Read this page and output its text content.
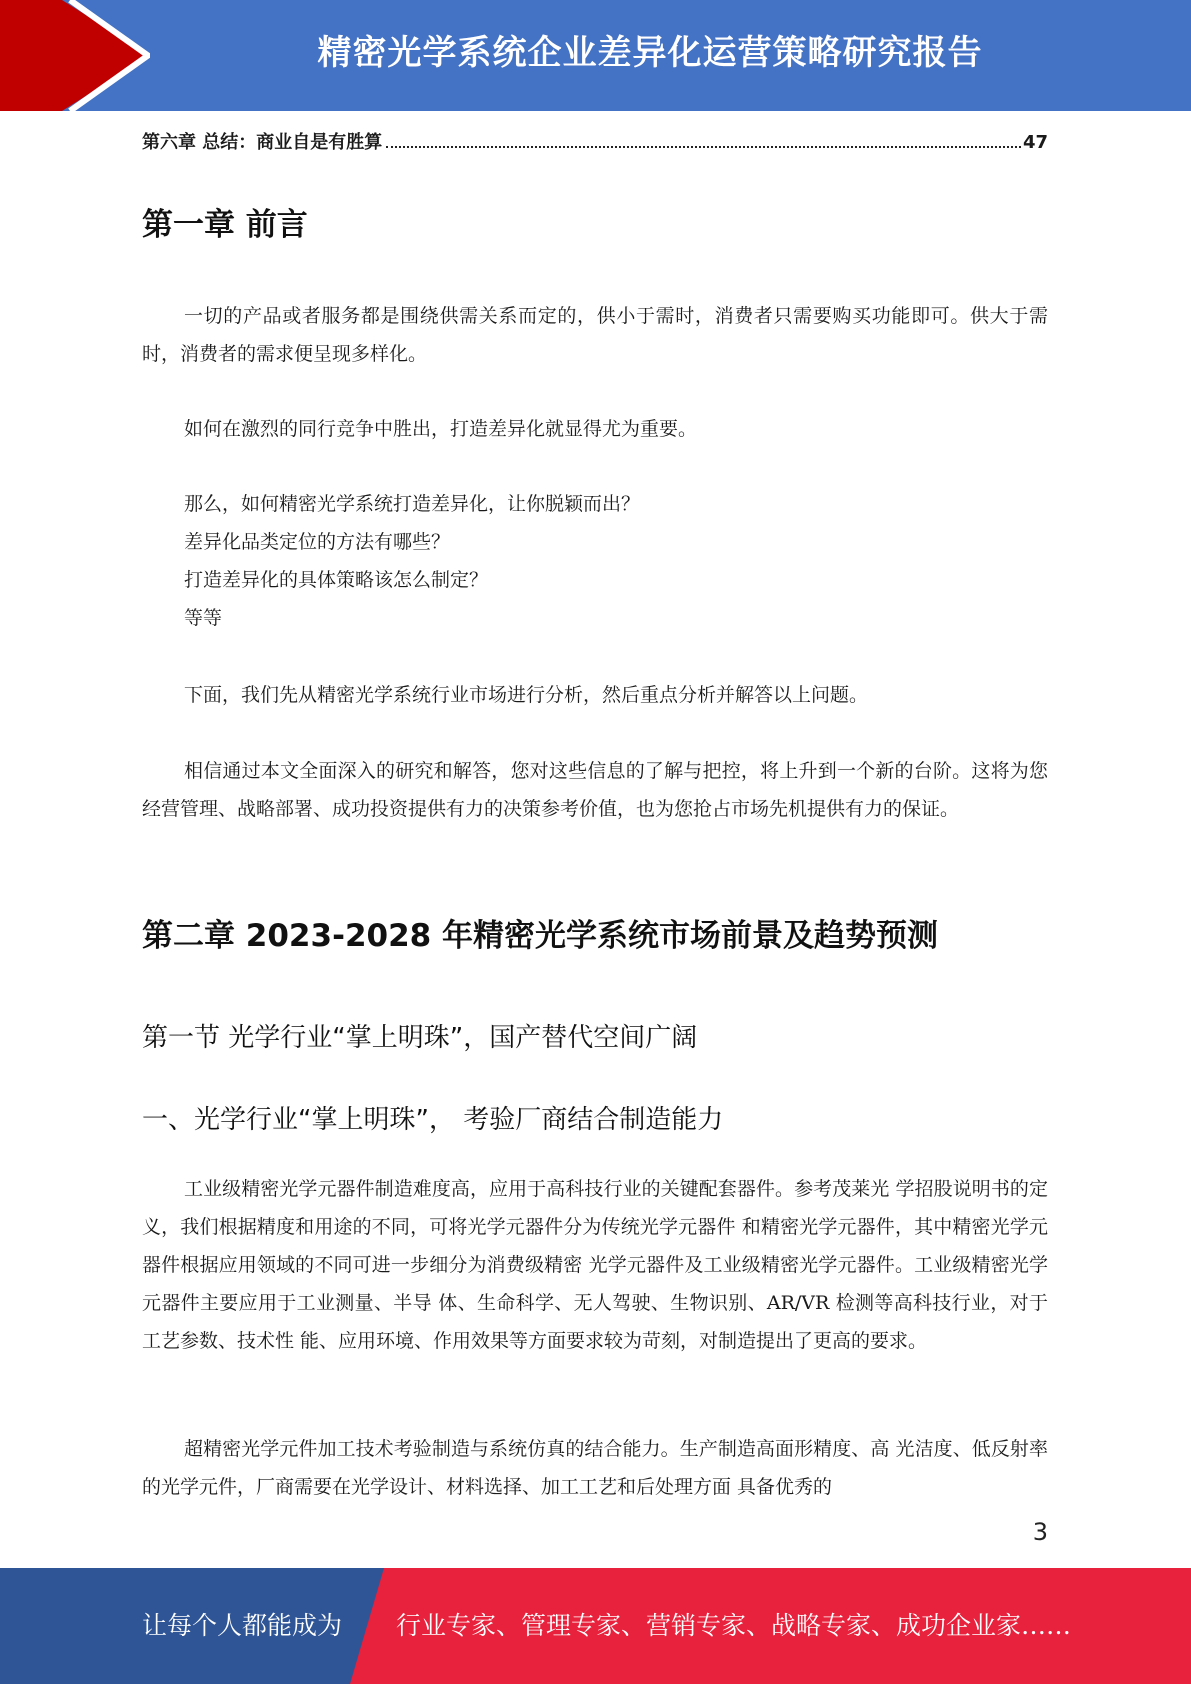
精密光学系统企业差异化运营策略研究报告
第六章 总结：商业自是有胜算	47
第一章 前言

一切的产品或者服务都是围绕供需关系而定的，供小于需时，消费者只需要购买功能即可。供大于需时，消费者的需求便呈现多样化。

如何在激烈的同行竞争中胜出，打造差异化就显得尤为重要。

那么，如何精密光学系统打造差异化，让你脱颖而出？
差异化品类定位的方法有哪些？
打造差异化的具体策略该怎么制定？
等等

下面，我们先从精密光学系统行业市场进行分析，然后重点分析并解答以上问题。

相信通过本文全面深入的研究和解答，您对这些信息的了解与把控，将上升到一个新的台阶。这将为您经营管理、战略部署、成功投资提供有力的决策参考价值，也为您抢占市场先机提供有力的保证。

第二章 2023-2028 年精密光学系统市场前景及趋势预测
第一节 光学行业“掌上明珠”，国产替代空间广阔
一、光学行业“掌上明珠”， 考验厂商结合制造能力

工业级精密光学元器件制造难度高，应用于高科技行业的关键配套器件。参考茂莱光 学招股说明书的定义，我们根据精度和用途的不同，可将光学元器件分为传统光学元器件 和精密光学元器件，其中精密光学元器件根据应用领域的不同可进一步细分为消费级精密 光学元器件及工业级精密光学元器件。工业级精密光学元器件主要应用于工业测量、半导 体、生命科学、无人驾驶、生物识别、AR/VR 检测等高科技行业，对于工艺参数、技术性 能、应用环境、作用效果等方面要求较为苛刻，对制造提出了更高的要求。

超精密光学元件加工技术考验制造与系统仿真的结合能力。生产制造高面形精度、高 光洁度、低反射率的光学元件，厂商需要在光学设计、材料选择、加工工艺和后处理方面 具备优秀的

3
让每个人都能成为 行业专家、管理专家、营销专家、战略专家、成功企业家……
